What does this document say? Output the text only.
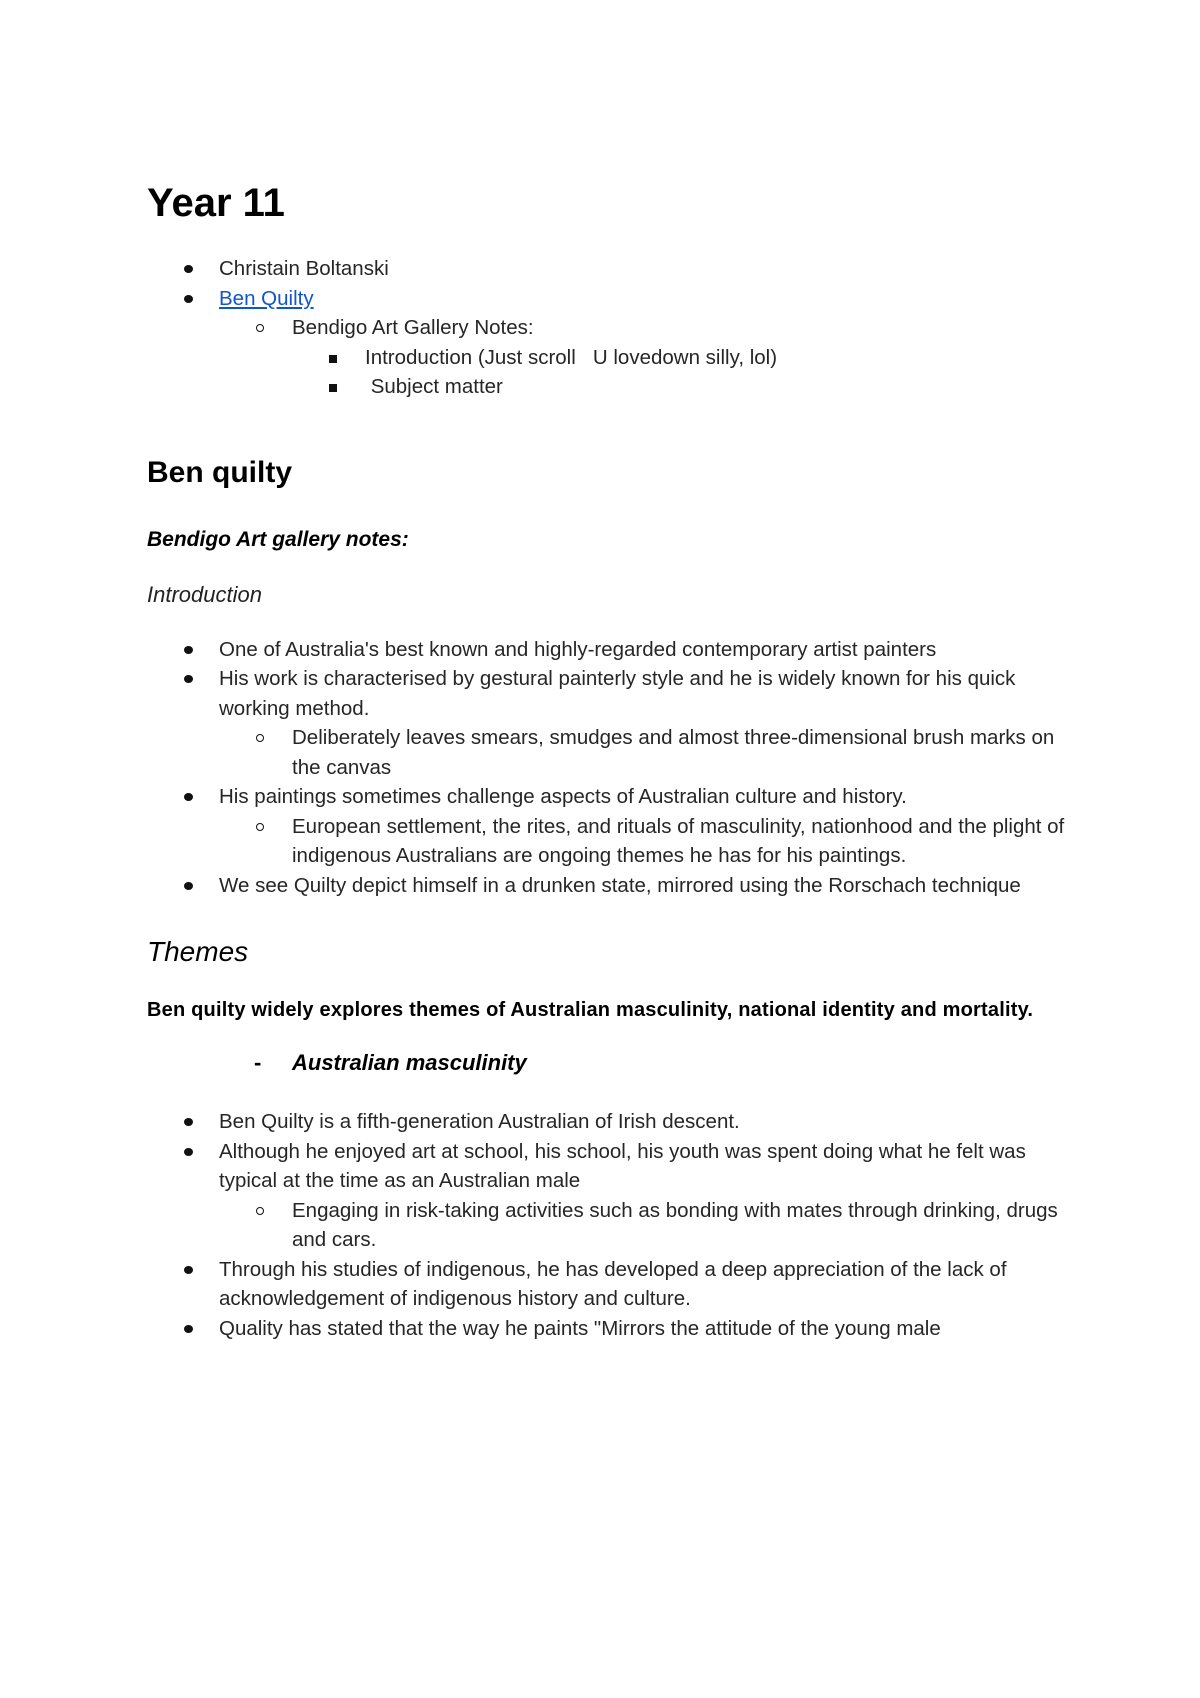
Year 11
Christain Boltanski
Ben Quilty
Bendigo Art Gallery Notes:
Introduction (Just scroll   U lovedown silly, lol)
Subject matter
Ben quilty

Bendigo Art gallery notes:

Introduction

One of Australia's best known and highly-regarded contemporary artist painters
His work is characterised by gestural painterly style and he is widely known for his quick working method.
Deliberately leaves smears, smudges and almost three-dimensional brush marks on the canvas
His paintings sometimes challenge aspects of Australian culture and history.
European settlement, the rites, and rituals of masculinity, nationhood and the plight of indigenous Australians are ongoing themes he has for his paintings.
We see Quilty depict himself in a drunken state, mirrored using the Rorschach technique

Themes

Ben quilty widely explores themes of Australian masculinity, national identity and mortality.

- Australian masculinity
Ben Quilty is a fifth-generation Australian of Irish descent.
Although he enjoyed art at school, his school, his youth was spent doing what he felt was typical at the time as an Australian male
Engaging in risk-taking activities such as bonding with mates through drinking, drugs and cars.
Through his studies of indigenous, he has developed a deep appreciation of the lack of acknowledgement of indigenous history and culture.
Quality has stated that the way he paints "Mirrors the attitude of the young male
